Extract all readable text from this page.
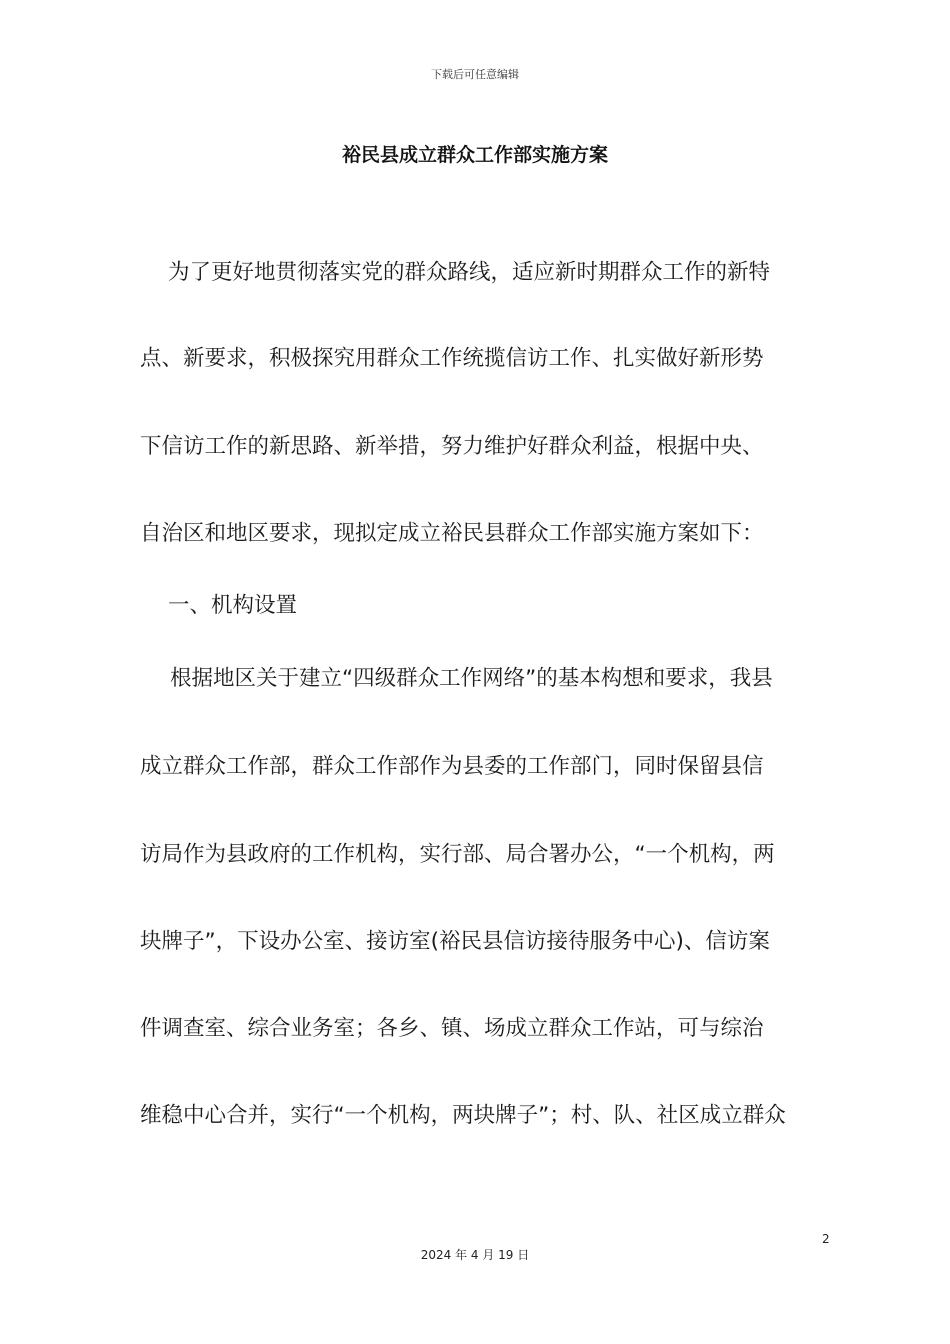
下载后可任意编辑
裕民县成立群众工作部实施方案
为了更好地贯彻落实党的群众路线，适应新时期群众工作的新特
点、新要求，积极探究用群众工作统揽信访工作、扎实做好新形势
下信访工作的新思路、新举措，努力维护好群众利益，根据中央、
自治区和地区要求，现拟定成立裕民县群众工作部实施方案如下：
一、机构设置
根据地区关于建立“四级群众工作网络”的基本构想和要求，我县
成立群众工作部，群众工作部作为县委的工作部门，同时保留县信
访局作为县政府的工作机构，实行部、局合署办公，“一个机构，两
块牌子”，下设办公室、接访室(裕民县信访接待服务中心)、信访案
件调查室、综合业务室；各乡、镇、场成立群众工作站，可与综治
维稳中心合并，实行“一个机构，两块牌子”；村、队、社区成立群众
2
2024 年 4 月 19 日
